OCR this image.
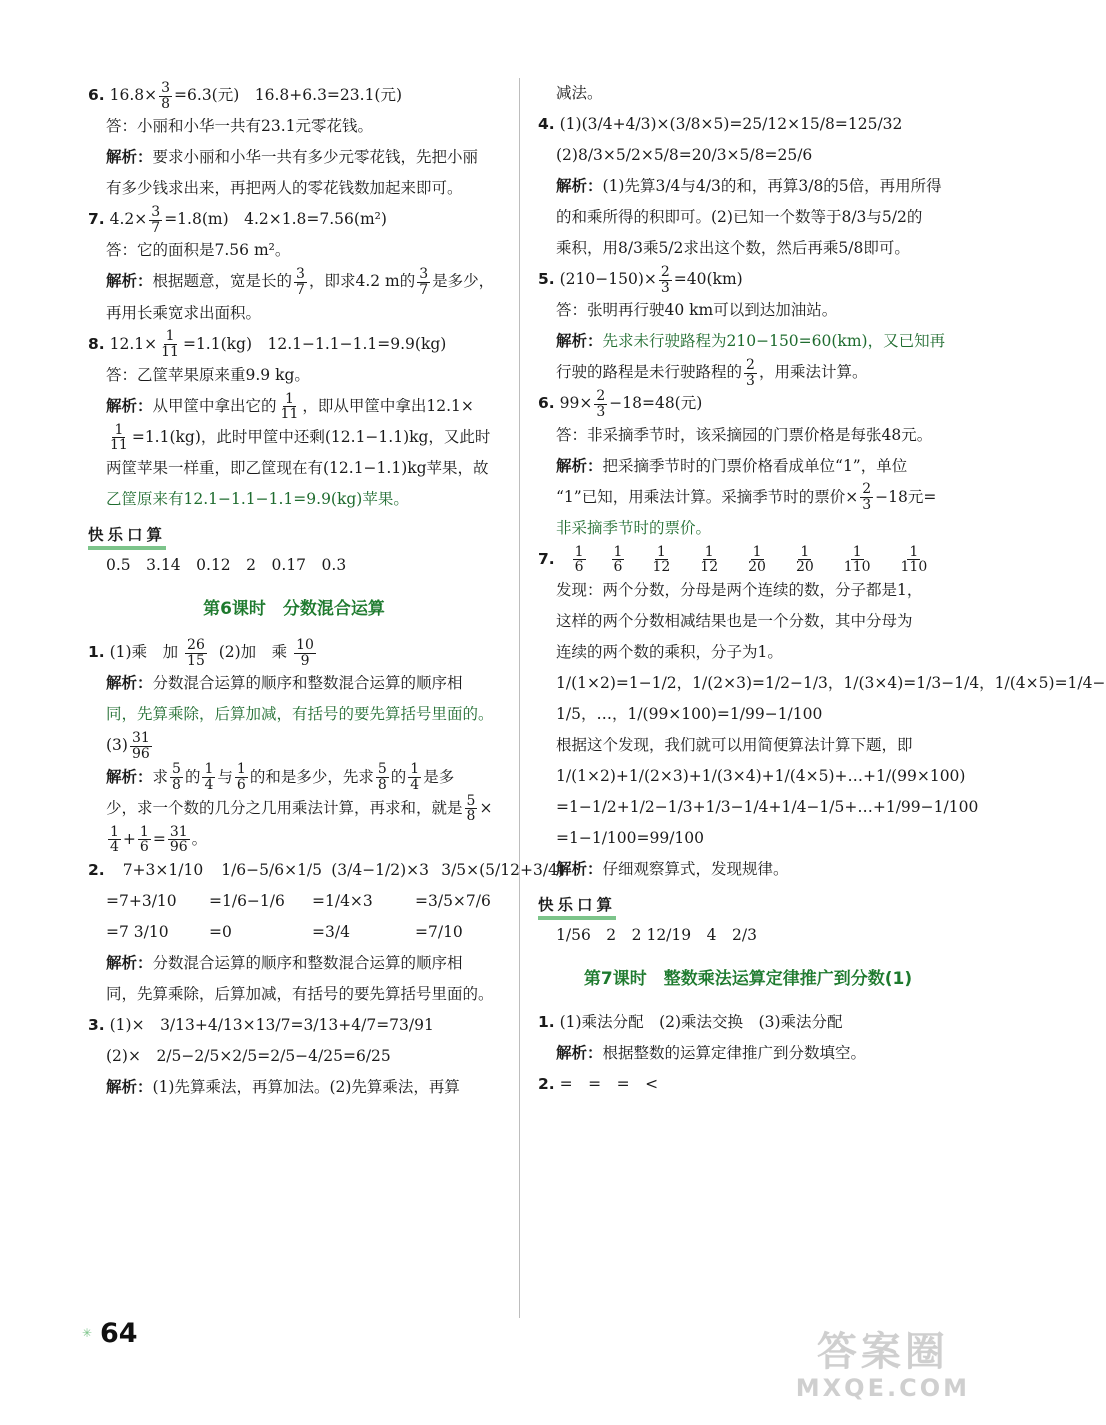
6. $16.8\times \frac{3}{8} =6.3$(元)　16.8+6.3=23.1(元)
答：小丽和小华一共有23.1元零花钱。
解析：要求小丽和小华一共有多少元零花钱，先把小丽
有多少钱求出来，再把两人的零花钱数加起来即可。
7. $4.2\times \frac{3}{7} =1.8(m)$　4.2×1.8=7.56(m²)
答：它的面积是7.56 m²。
解析：根据题意，宽是长的 $\frac{3}{7}$ ，即求4.2 m的 $\frac{3}{7}$ 是多少，
再用长乘宽求出面积。
8. $12.1\times \frac{1}{11} =1.1(kg)$　12.1−1.1−1.1=9.9(kg)
答：乙筐苹果原来重9.9 kg。
解析：从甲筐中拿出它的 $\frac{1}{11}$ ，即从甲筐中拿出12.1×
$\frac{1}{11} =1.1(kg)$，此时甲筐中还剩(12.1−1.1)kg，又此时
两筐苹果一样重，即乙筐现在有(12.1−1.1)kg苹果，故
乙筐原来有12.1−1.1−1.1=9.9(kg)苹果。
快乐口算
0.5　3.14　0.12　2　0.17　0.3
第6课时　分数混合运算
1. (1)乘　加 $\frac{26}{15} (2)$加　乘 $\frac{10}{9}$
解析：分数混合运算的顺序和整数混合运算的顺序相
同，先算乘除，后算加减，有括号的要先算括号里面的。
$(3) \frac{31}{96}$
解析：求 $\frac{5}{8}$ 的 $\frac{1}{4}$ 与 $\frac{1}{6}$ 的和是多少，先求 $\frac{5}{8}$ 的 $\frac{1}{4}$ 是多
少，求一个数的几分之几用乘法计算，再求和，就是 $\frac{5}{8}$ ×
$\frac{1}{4} + \frac{1}{6} = \frac{31}{96}$ 。
2. 7+3×1/10 1/6−5/6×1/5 (3/4−1/2)×3 3/5×(5/12+3/4)
=7+3/10	=1/6−1/6	=1/4×3	=3/5×7/6
=7 3/10	=0	=3/4	=7/10
解析：分数混合运算的顺序和整数混合运算的顺序相
同，先算乘除，后算加减，有括号的要先算括号里面的。
3. (1)×　3/13+4/13×13/7=3/13+4/7=73/91
(2)×　2/5−2/5×2/5=2/5−4/25=6/25
解析：(1)先算乘法，再算加法。(2)先算乘法，再算
减法。
4. (1)(3/4+4/3)×(3/8×5)=25/12×15/8=125/32
(2)8/3×5/2×5/8=20/3×5/8=25/6
解析：(1)先算3/4与4/3的和，再算3/8的5倍，再用所得
的和乘所得的积即可。(2)已知一个数等于8/3与5/2的
乘积，用8/3乘5/2求出这个数，然后再乘5/8即可。
5. $(210-150)\times \frac{2}{3} =40(km)$
答：张明再行驶40 km可以到达加油站。
解析：先求未行驶路程为210−150=60(km)，又已知再
行驶的路程是未行驶路程的 $\frac{2}{3}$ ，用乘法计算。
6. $99\times \frac{2}{3} -18=48$(元)
答：非采摘季节时，该采摘园的门票价格是每张48元。
解析：把采摘季节时的门票价格看成单位“1”，单位
“1”已知，用乘法计算。采摘季节时的票价× $\frac{2}{3} -18$元=
非采摘季节时的票价。
7. $\frac{1}{6} \frac{1}{6} \frac{1}{12} \frac{1}{12} \frac{1}{20} \frac{1}{20} \frac{1}{110} \frac{1}{110}$
发现：两个分数，分母是两个连续的数，分子都是1，
这样的两个分数相减结果也是一个分数，其中分母为
连续的两个数的乘积，分子为1。
1/(1×2)=1−1/2，1/(2×3)=1/2−1/3，1/(3×4)=1/3−1/4，1/(4×5)=1/4−
1/5，…，1/(99×100)=1/99−1/100
根据这个发现，我们就可以用简便算法计算下题，即
1/(1×2)+1/(2×3)+1/(3×4)+1/(4×5)+…+1/(99×100)
=1−1/2+1/2−1/3+1/3−1/4+1/4−1/5+…+1/99−1/100
=1−1/100=99/100
解析：仔细观察算式，发现规律。
快乐口算
1/56　2　2 12/19　4　2/3
第7课时　整数乘法运算定律推广到分数(1)
1. (1)乘法分配　(2)乘法交换　(3)乘法分配
解析：根据整数的运算定律推广到分数填空。
2. =　=　=　<
✳ 64	答案圈
MXQE.COM
